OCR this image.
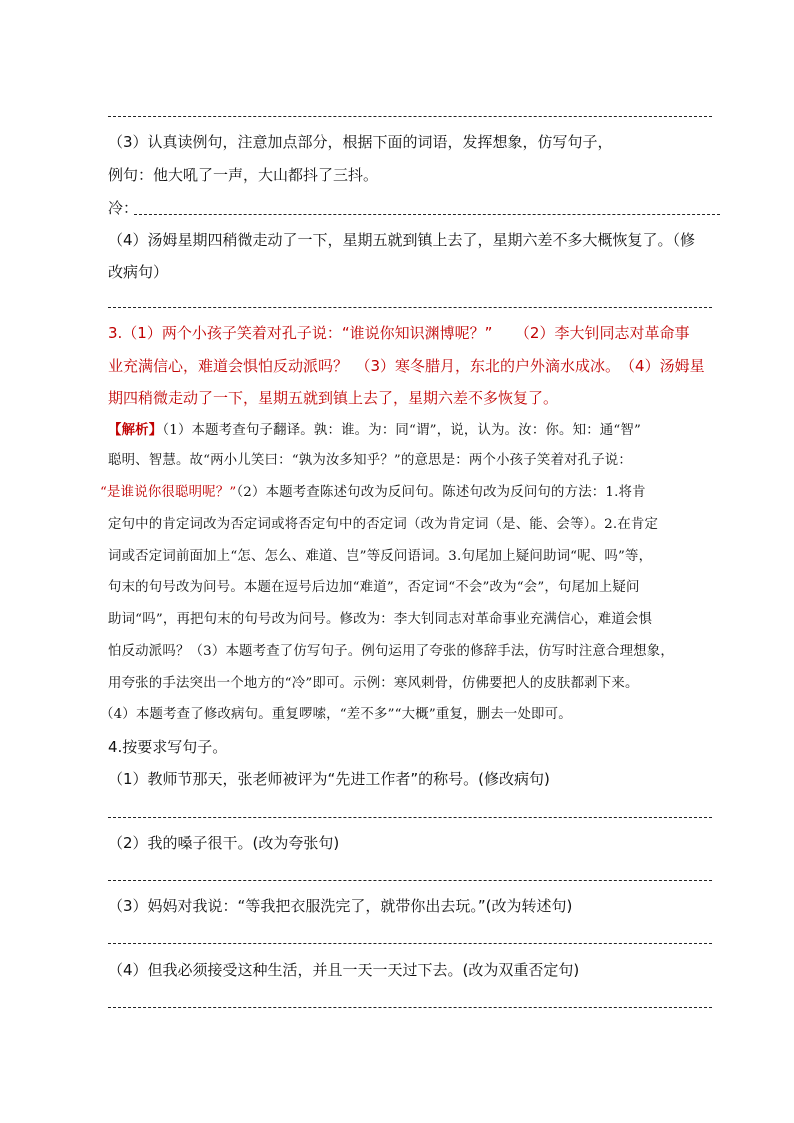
（3）认真读例句，注意加点部分，根据下面的词语，发挥想象，仿写句子，
例句：他大吼了一声，大山都抖了三抖。
冷：
（4）汤姆星期四稍微走动了一下，星期五就到镇上去了，星期六差不多大概恢复了。（修
改病句）
3.（1）两个小孩子笑着对孔子说：“谁说你知识渊博呢？”　　（2）李大钊同志对革命事
业充满信心，难道会惧怕反动派吗？　（3）寒冬腊月，东北的户外滴水成冰。　（4）汤姆星
期四稍微走动了一下，星期五就到镇上去了，星期六差不多恢复了。
【解析】（1）本题考查句子翻译。孰：谁。为：同“谓”，说，认为。汝：你。知：通“智”
聪明、智慧。故“两小儿笑曰：“孰为汝多知乎？”的意思是：两个小孩子笑着对孔子说：
“是谁说你很聪明呢？”（2）本题考查陈述句改为反问句。陈述句改为反问句的方法：1.将肯
定句中的肯定词改为否定词或将否定句中的否定词（改为肯定词（是、能、会等）。2.在肯定
词或否定词前面加上“怎、怎么、难道、岂”等反问语词。3.句尾加上疑问助词“呢、吗”等，
句末的句号改为问号。本题在逗号后边加“难道”，否定词“不会”改为“会”，句尾加上疑问
助词“吗”，再把句末的句号改为问号。修改为：李大钊同志对革命事业充满信心，难道会惧
怕反动派吗？（3）本题考查了仿写句子。例句运用了夸张的修辞手法，仿写时注意合理想象，
用夸张的手法突出一个地方的“冷”即可。示例：寒风刺骨，仿佛要把人的皮肤都剥下来。
（4）本题考查了修改病句。重复啰嗦，“差不多”“大概”重复，删去一处即可。
4.按要求写句子。
（1）教师节那天，张老师被评为“先进工作者”的称号。(修改病句)
（2）我的嗓子很干。(改为夸张句)
（3）妈妈对我说：“等我把衣服洗完了，就带你出去玩。”(改为转述句)
（4）但我必须接受这种生活，并且一天一天过下去。(改为双重否定句)
